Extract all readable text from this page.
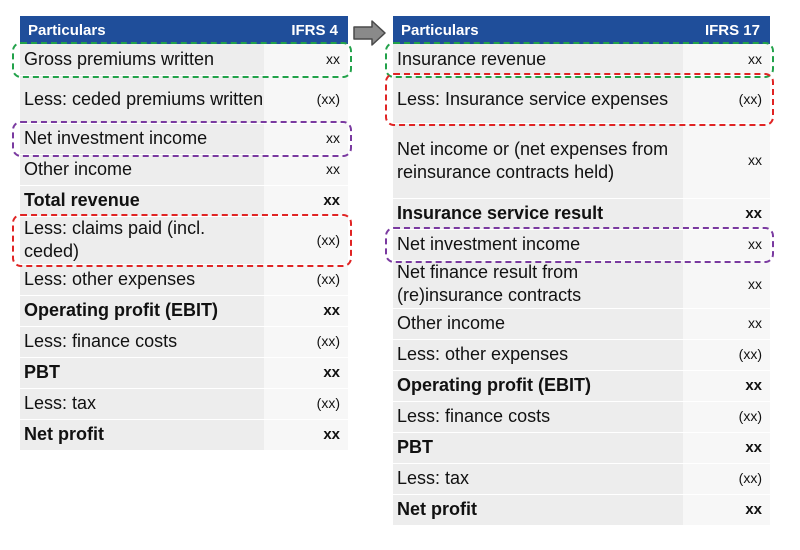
Particulars	IFRS 4
Gross premiums written	xx
Less: ceded premiums written	(xx)
Net investment income	xx
Other income	xx
Total revenue	xx
Less: claims paid (incl. ceded)	(xx)
Less: other expenses	(xx)
Operating profit (EBIT)	xx
Less: finance costs	(xx)
PBT	xx
Less: tax	(xx)
Net profit	xx
Particulars	IFRS 17
Insurance revenue	xx
Less: Insurance service expenses	(xx)
Net income or (net expenses from reinsurance contracts held)	xx
Insurance service result	xx
Net investment income	xx
Net finance result from (re)insurance contracts	xx
Other income	xx
Less: other expenses	(xx)
Operating profit (EBIT)	xx
Less: finance costs	(xx)
PBT	xx
Less: tax	(xx)
Net profit	xx
